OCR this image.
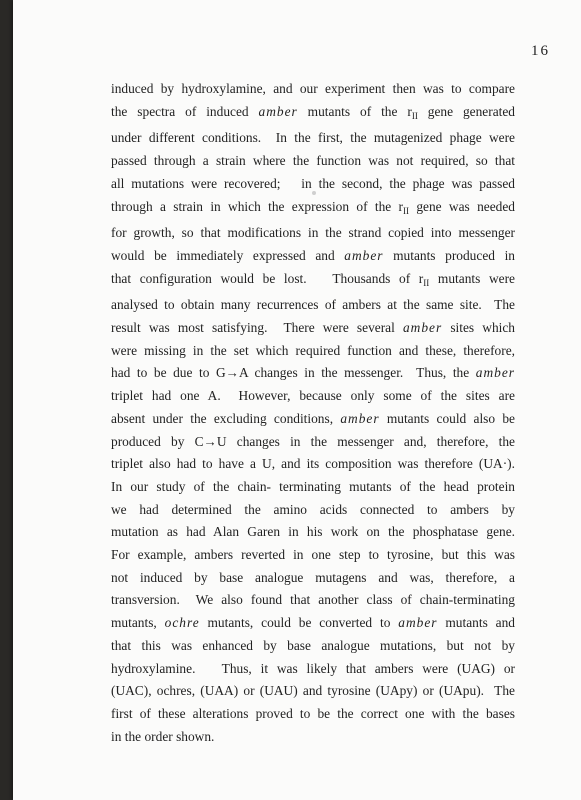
16

induced by hydroxylamine, and our experiment then was to compare
the spectra of induced amber mutants of the $r_{II}$ gene generated
under different conditions.  In the first, the mutagenized phage were
passed through a strain where the function was not required, so that
all mutations were recovered;   in the second, the phage was passed
through a strain in which the expression of the $r_{II}$ gene was needed
for growth, so that modifications in the strand copied into messenger
would be immediately expressed and amber mutants produced in
that configuration would be lost.   Thousands of $r_{II}$ mutants were
analysed to obtain many recurrences of ambers at the same site.  The
result was most satisfying.  There were several amber sites which
were missing in the set which required function and these, therefore,
had to be due to G→A changes in the messenger.  Thus, the amber
triplet had one A.  However, because only some of the sites are
absent under the excluding conditions, amber mutants could also be
produced by C→U changes in the messenger and, therefore, the
triplet also had to have a U, and its composition was therefore (UA·).
In our study of the chain- terminating mutants of the head protein
we had determined the amino acids connected to ambers by
mutation as had Alan Garen in his work on the phosphatase gene.
For example, ambers reverted in one step to tyrosine, but this was
not induced by base analogue mutagens and was, therefore, a
transversion.  We also found that another class of chain-terminating
mutants, ochre mutants, could be converted to amber mutants and
that this was enhanced by base analogue mutations, but not by
hydroxylamine.   Thus, it was likely that ambers were (UAG) or
(UAC), ochres, (UAA) or (UAU) and tyrosine (UApy) or (UApu).  The
first of these alterations proved to be the correct one with the bases
in the order shown.
